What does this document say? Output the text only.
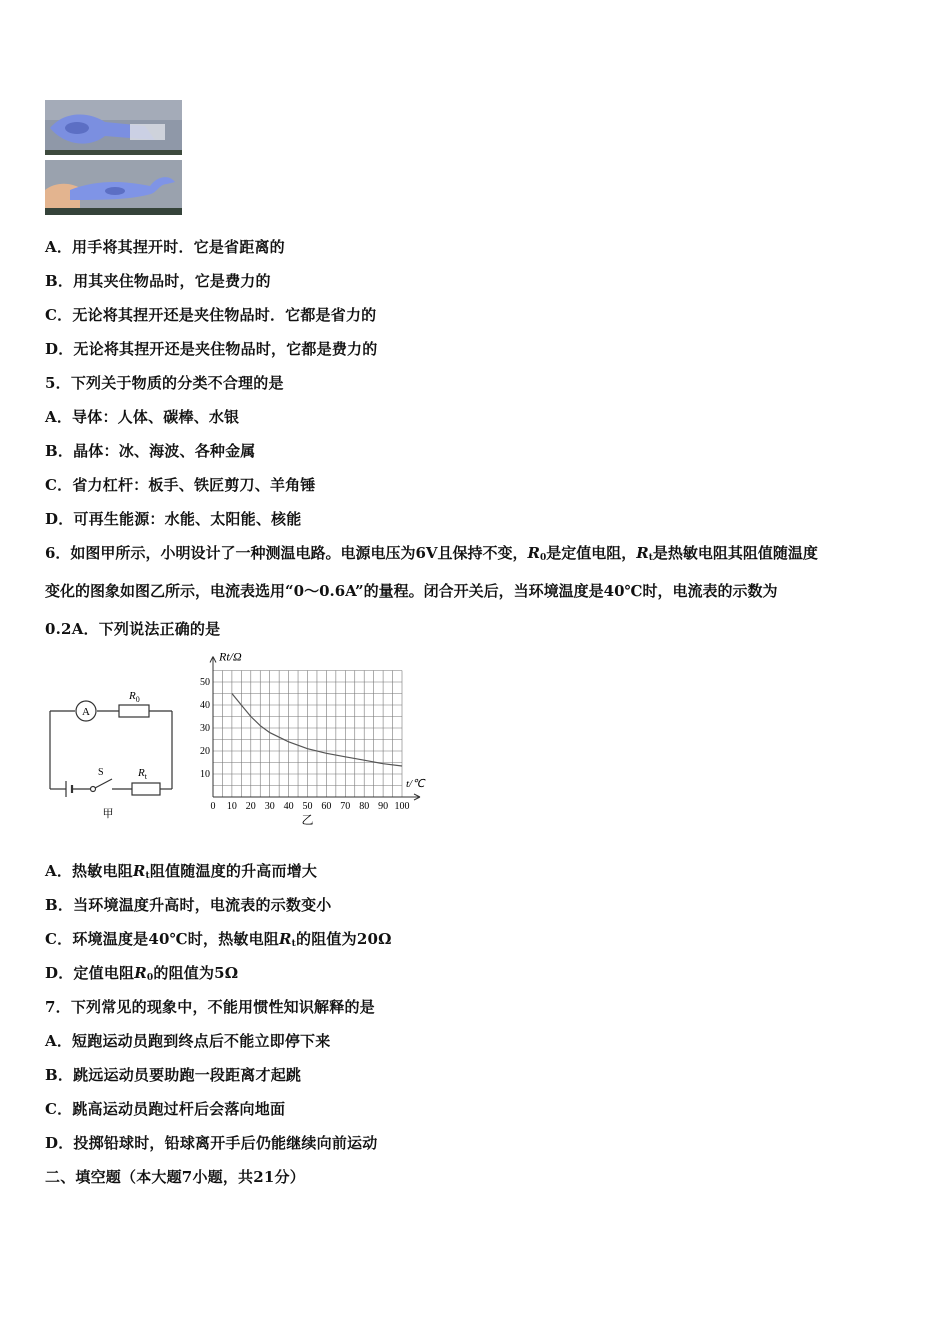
A．用手将其捏开时．它是省距离的
B．用其夹住物品时，它是费力的
C．无论将其捏开还是夹住物品时．它都是省力的
D．无论将其捏开还是夹住物品时，它都是费力的
5．下列关于物质的分类不合理的是
A．导体：人体、碳棒、水银
B．晶体：冰、海波、各种金属
C．省力杠杆：板手、铁匠剪刀、羊角锤
D．可再生能源：水能、太阳能、核能
6．如图甲所示，小明设计了一种测温电路。电源电压为6V且保持不变，$R_0$是定值电阻，$R_t$是热敏电阻其阻值随温度
变化的图象如图乙所示，电流表选用“0～0.6A”的量程。闭合开关后，当环境温度是40℃时，电流表的示数为
0.2A．下列说法正确的是
A
$R_0$
S	$R_t$
甲
0 10 20 30 40 50 60 70 80 90 100
10
20
30
40
50
Rt/Ω
t/℃
乙
A．热敏电阻$R_t$阻值随温度的升高而增大
B．当环境温度升高时，电流表的示数变小
C．环境温度是40℃时，热敏电阻$R_t$的阻值为20Ω
D．定值电阻$R_0$的阻值为5Ω
7．下列常见的现象中，不能用惯性知识解释的是
A．短跑运动员跑到终点后不能立即停下来
B．跳远运动员要助跑一段距离才起跳
C．跳高运动员跑过杆后会落向地面
D．投掷铅球时，铅球离开手后仍能继续向前运动
二、填空题（本大题7小题，共21分）
